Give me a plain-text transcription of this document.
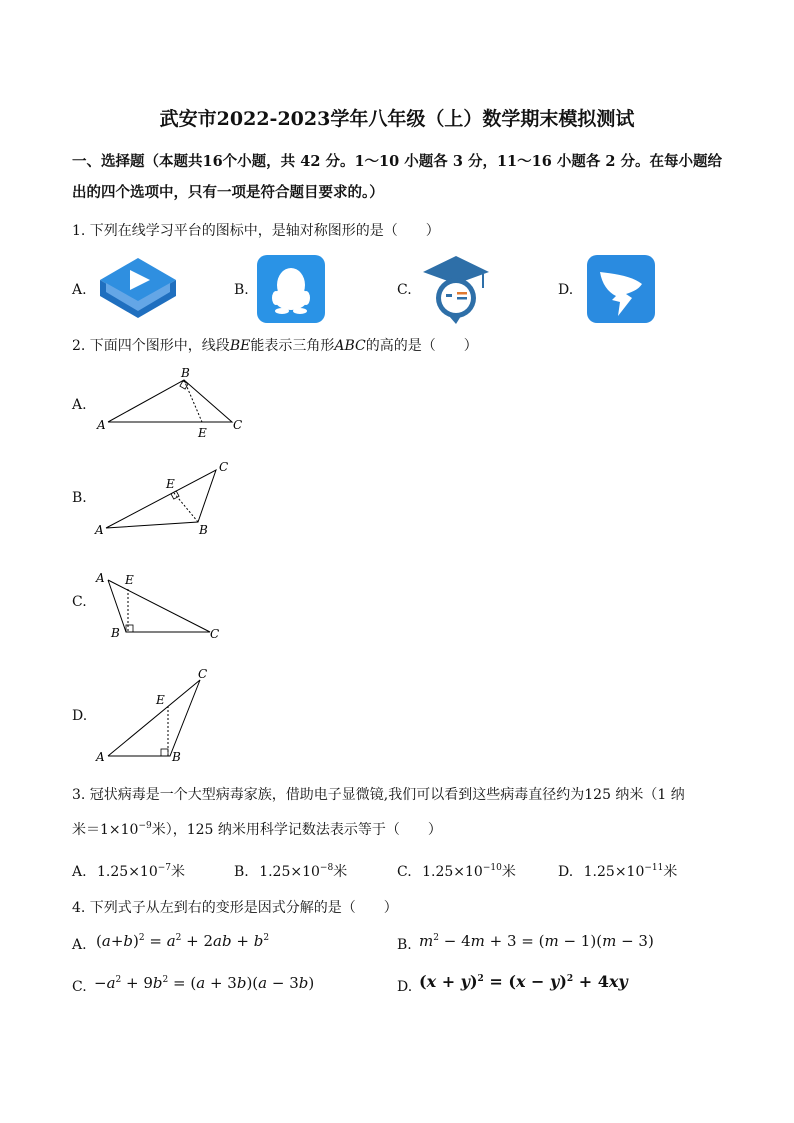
武安市2022-2023学年八年级（上）数学期末模拟测试
一、选择题（本题共16个小题，共 42 分。1～10 小题各 3 分，11～16 小题各 2 分。在每小题给出的四个选项中，只有一项是符合题目要求的。）
1. 下列在线学习平台的图标中，是轴对称图形的是（　　）
A.	B.	C.	D.
2. 下面四个图形中，线段BE能表示三角形ABC的高的是（　　）
A.
A
B
C
E
B.
A	B
C
E
C.
A
B	C
E
D.
A	B
C
E
3. 冠状病毒是一个大型病毒家族，借助电子显微镜,我们可以看到这些病毒直径约为125 纳米（1 纳
米$=1\times 10^{-9}$米），125 纳米用科学记数法表示等于（　　）
A. $1.25\times 10^{-7}$米	B. $1.25\times 10^{-8}$米	C. $1.25\times 10^{-10}$米	D. $1.25\times 10^{-11}$米
4. 下列式子从左到右的变形是因式分解的是（　　）
A. $(a+b)^2 = a^2 + 2ab + b^2$	B. $m^2 - 4m + 3 = (m - 1)(m - 3)$
C. $-a^2 + 9b^2 = (a + 3b)(a - 3b)$	D. $(x + y)^2 = (x - y)^2 + 4xy$
